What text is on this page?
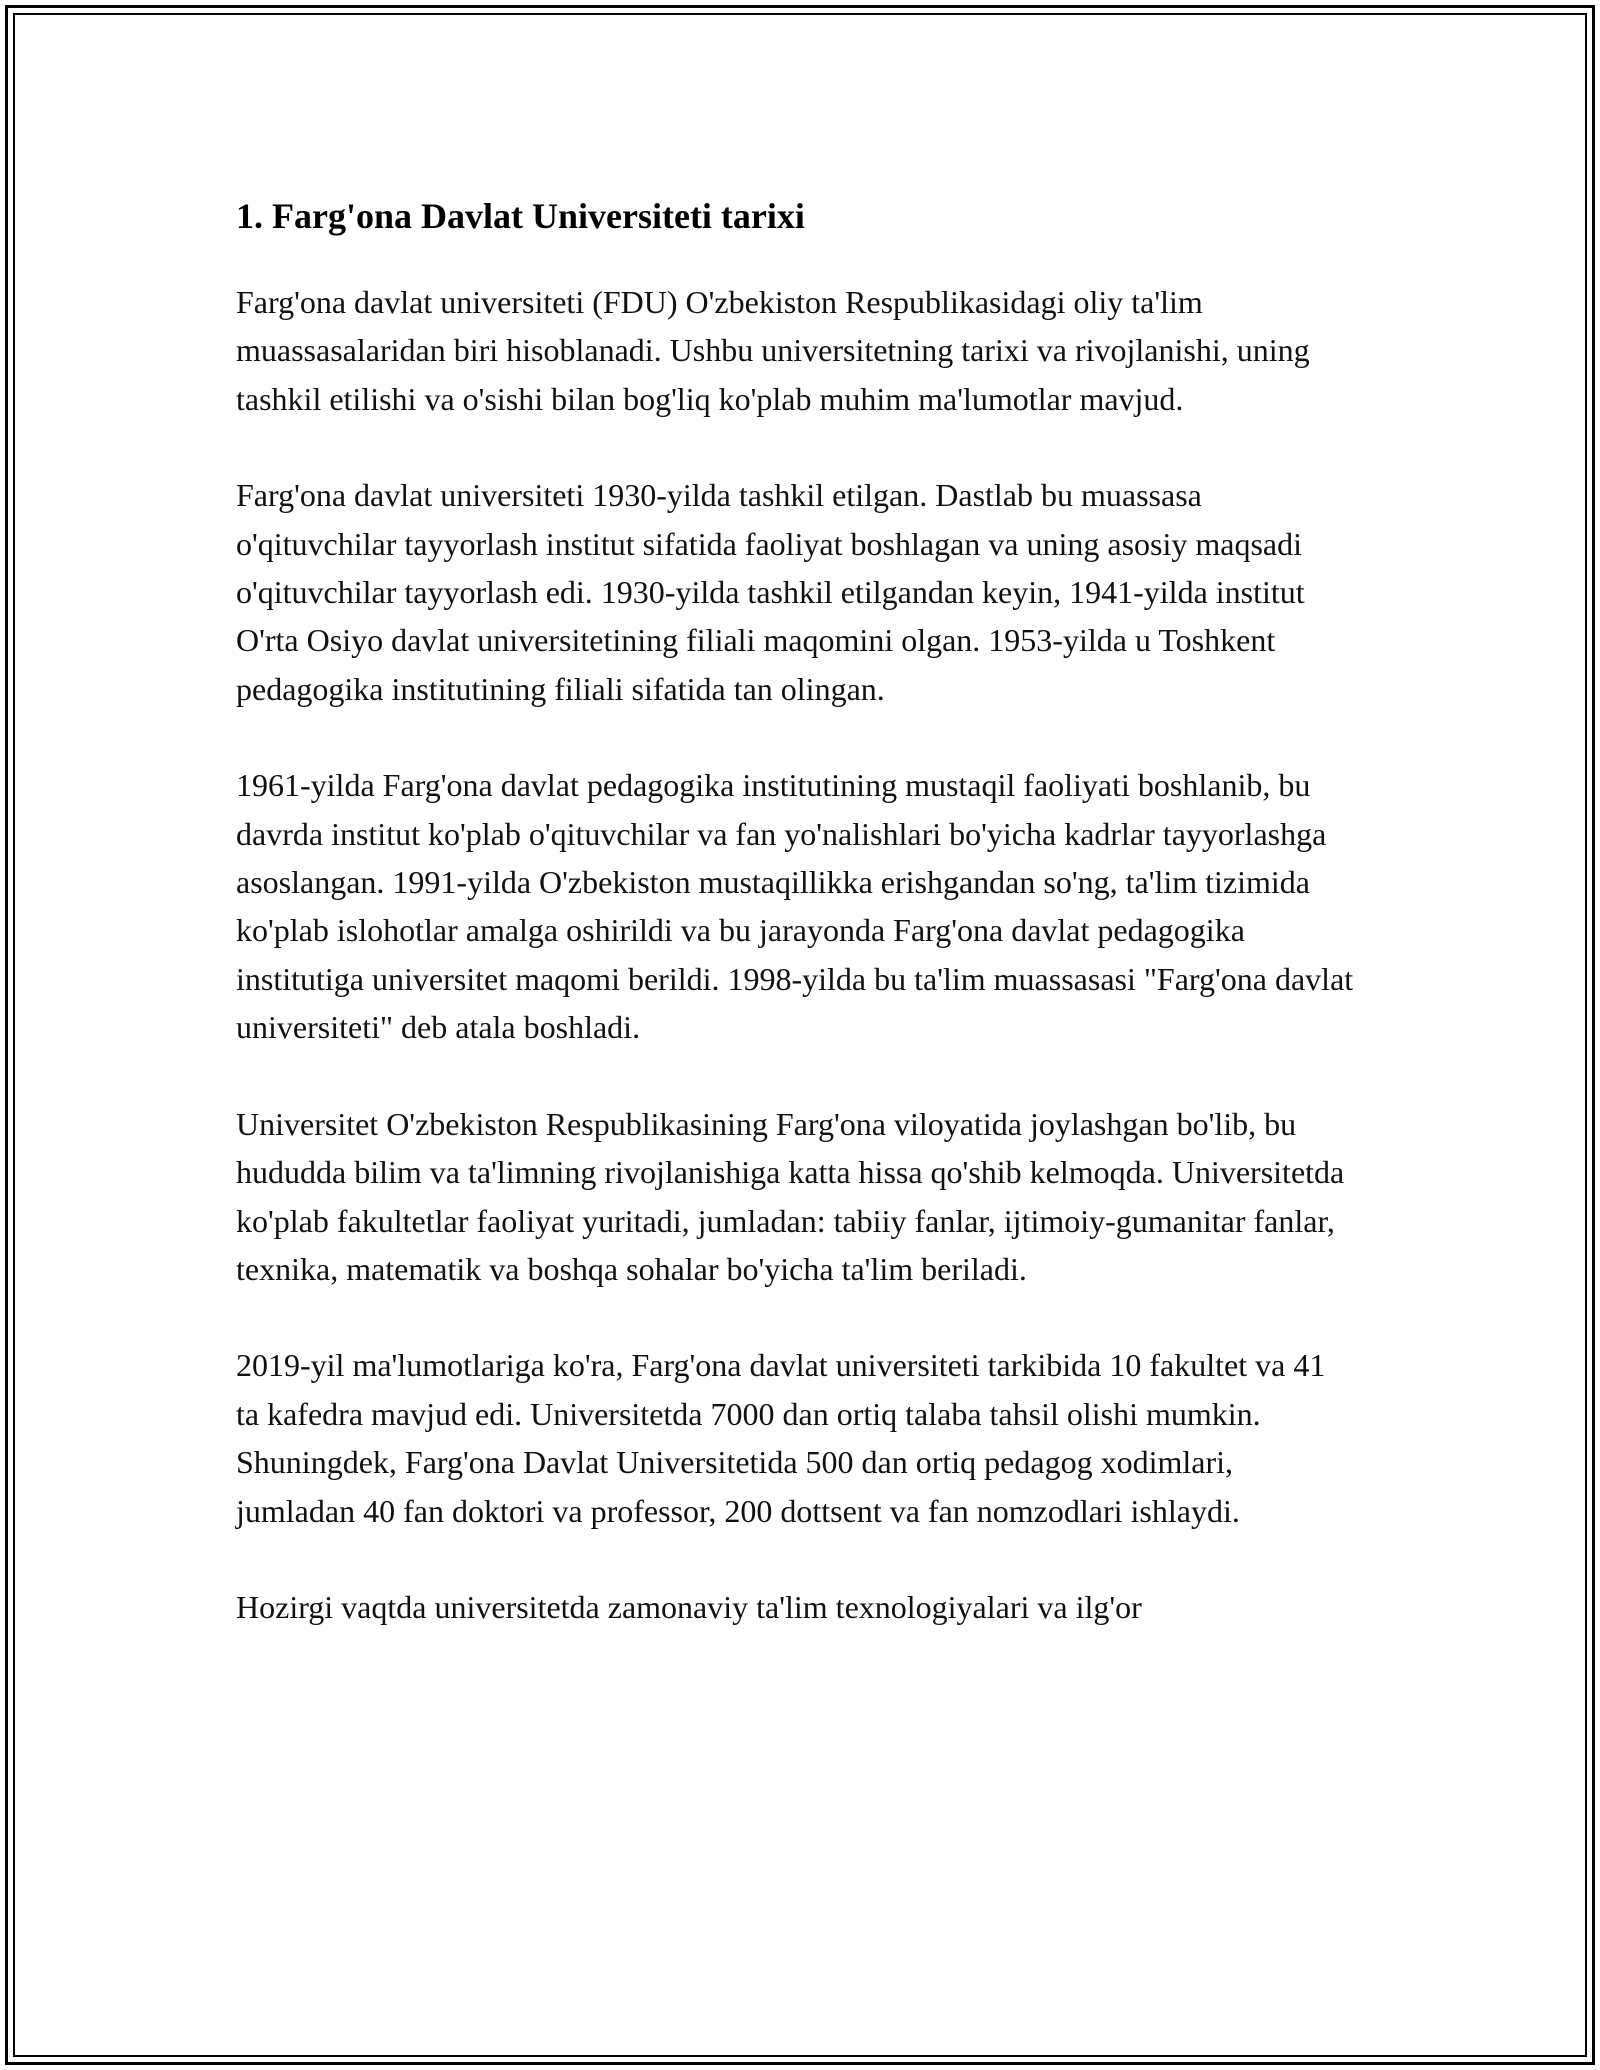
1. Farg'ona Davlat Universiteti tarixi

Farg'ona davlat universiteti (FDU) O'zbekiston Respublikasidagi oliy ta'lim muassasalaridan biri hisoblanadi. Ushbu universitetning tarixi va rivojlanishi, uning tashkil etilishi va o'sishi bilan bog'liq ko'plab muhim ma'lumotlar mavjud.

Farg'ona davlat universiteti 1930-yilda tashkil etilgan. Dastlab bu muassasa o'qituvchilar tayyorlash institut sifatida faoliyat boshlagan va uning asosiy maqsadi o'qituvchilar tayyorlash edi. 1930-yilda tashkil etilgandan keyin, 1941-yilda institut O'rta Osiyo davlat universitetining filiali maqomini olgan. 1953-yilda u Toshkent pedagogika institutining filiali sifatida tan olingan.

1961-yilda Farg'ona davlat pedagogika institutining mustaqil faoliyati boshlanib, bu davrda institut ko'plab o'qituvchilar va fan yo'nalishlari bo'yicha kadrlar tayyorlashga asoslangan. 1991-yilda O'zbekiston mustaqillikka erishgandan so'ng, ta'lim tizimida ko'plab islohotlar amalga oshirildi va bu jarayonda Farg'ona davlat pedagogika institutiga universitet maqomi berildi. 1998-yilda bu ta'lim muassasasi "Farg'ona davlat universiteti" deb atala boshladi.

Universitet O'zbekiston Respublikasining Farg'ona viloyatida joylashgan bo'lib, bu hududda bilim va ta'limning rivojlanishiga katta hissa qo'shib kelmoqda. Universitetda ko'plab fakultetlar faoliyat yuritadi, jumladan: tabiiy fanlar, ijtimoiy-gumanitar fanlar, texnika, matematik va boshqa sohalar bo'yicha ta'lim beriladi.

2019-yil ma'lumotlariga ko'ra, Farg'ona davlat universiteti tarkibida 10 fakultet va 41 ta kafedra mavjud edi. Universitetda 7000 dan ortiq talaba tahsil olishi mumkin. Shuningdek, Farg'ona Davlat Universitetida 500 dan ortiq pedagog xodimlari, jumladan 40 fan doktori va professor, 200 dottsent va fan nomzodlari ishlaydi.

Hozirgi vaqtda universitetda zamonaviy ta'lim texnologiyalari va ilg'or
